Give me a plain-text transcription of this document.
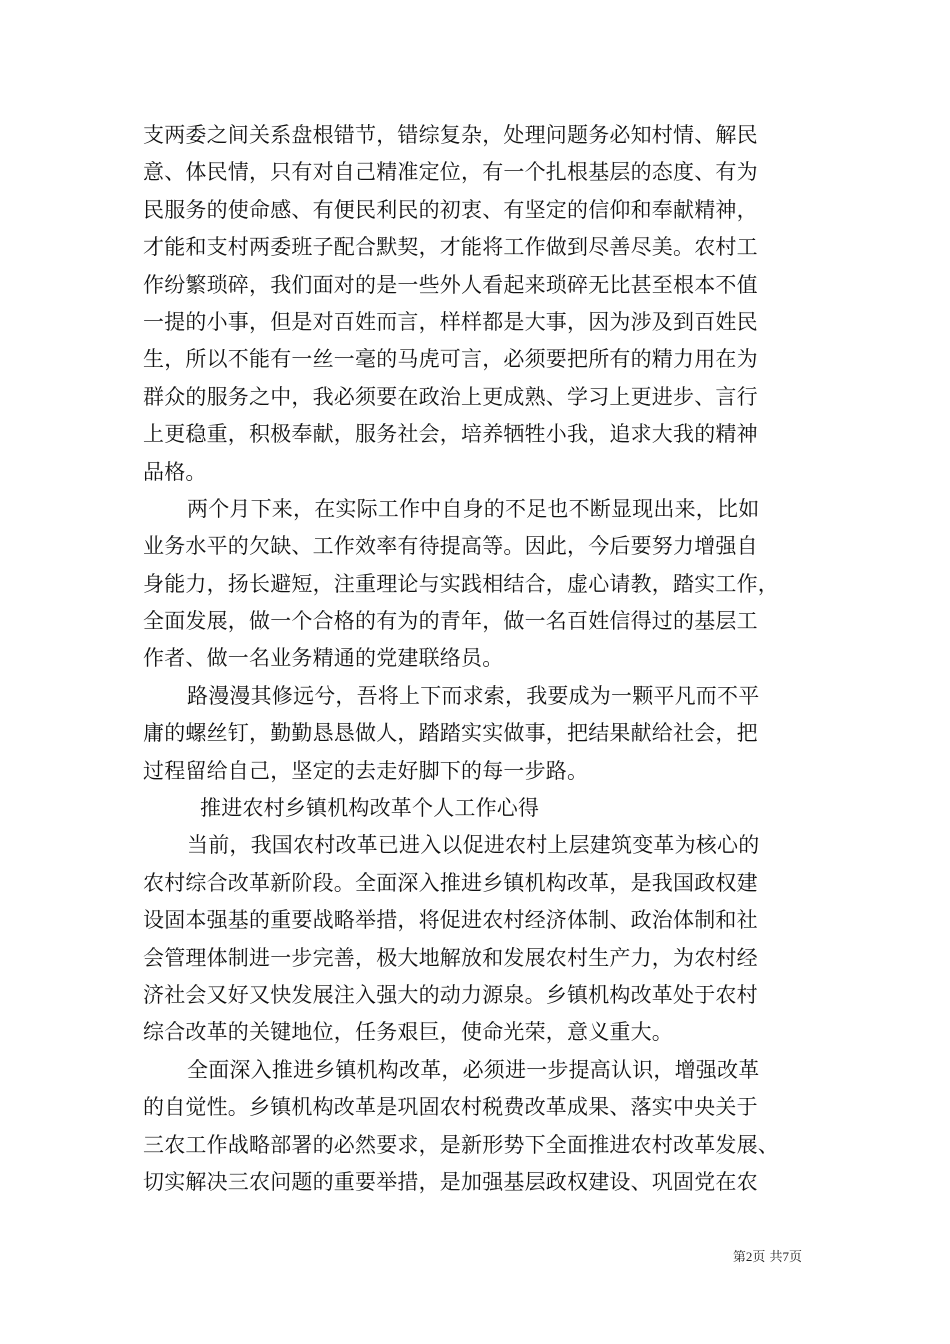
支两委之间关系盘根错节，错综复杂，处理问题务必知村情、解民
意、体民情，只有对自己精准定位，有一个扎根基层的态度、有为
民服务的使命感、有便民利民的初衷、有坚定的信仰和奉献精神，
才能和支村两委班子配合默契，才能将工作做到尽善尽美。农村工
作纷繁琐碎，我们面对的是一些外人看起来琐碎无比甚至根本不值
一提的小事，但是对百姓而言，样样都是大事，因为涉及到百姓民
生，所以不能有一丝一毫的马虎可言，必须要把所有的精力用在为
群众的服务之中，我必须要在政治上更成熟、学习上更进步、言行
上更稳重，积极奉献，服务社会，培养牺牲小我，追求大我的精神
品格。
两个月下来，在实际工作中自身的不足也不断显现出来，比如
业务水平的欠缺、工作效率有待提高等。因此，今后要努力增强自
身能力，扬长避短，注重理论与实践相结合，虚心请教，踏实工作，
全面发展，做一个合格的有为的青年，做一名百姓信得过的基层工
作者、做一名业务精通的党建联络员。
路漫漫其修远兮，吾将上下而求索，我要成为一颗平凡而不平
庸的螺丝钉，勤勤恳恳做人，踏踏实实做事，把结果献给社会，把
过程留给自己，坚定的去走好脚下的每一步路。
推进农村乡镇机构改革个人工作心得
当前，我国农村改革已进入以促进农村上层建筑变革为核心的
农村综合改革新阶段。全面深入推进乡镇机构改革，是我国政权建
设固本强基的重要战略举措，将促进农村经济体制、政治体制和社
会管理体制进一步完善，极大地解放和发展农村生产力，为农村经
济社会又好又快发展注入强大的动力源泉。乡镇机构改革处于农村
综合改革的关键地位，任务艰巨，使命光荣，意义重大。
全面深入推进乡镇机构改革，必须进一步提高认识，增强改革
的自觉性。乡镇机构改革是巩固农村税费改革成果、落实中央关于
三农工作战略部署的必然要求，是新形势下全面推进农村改革发展、
切实解决三农问题的重要举措，是加强基层政权建设、巩固党在农
第2页 共7页
